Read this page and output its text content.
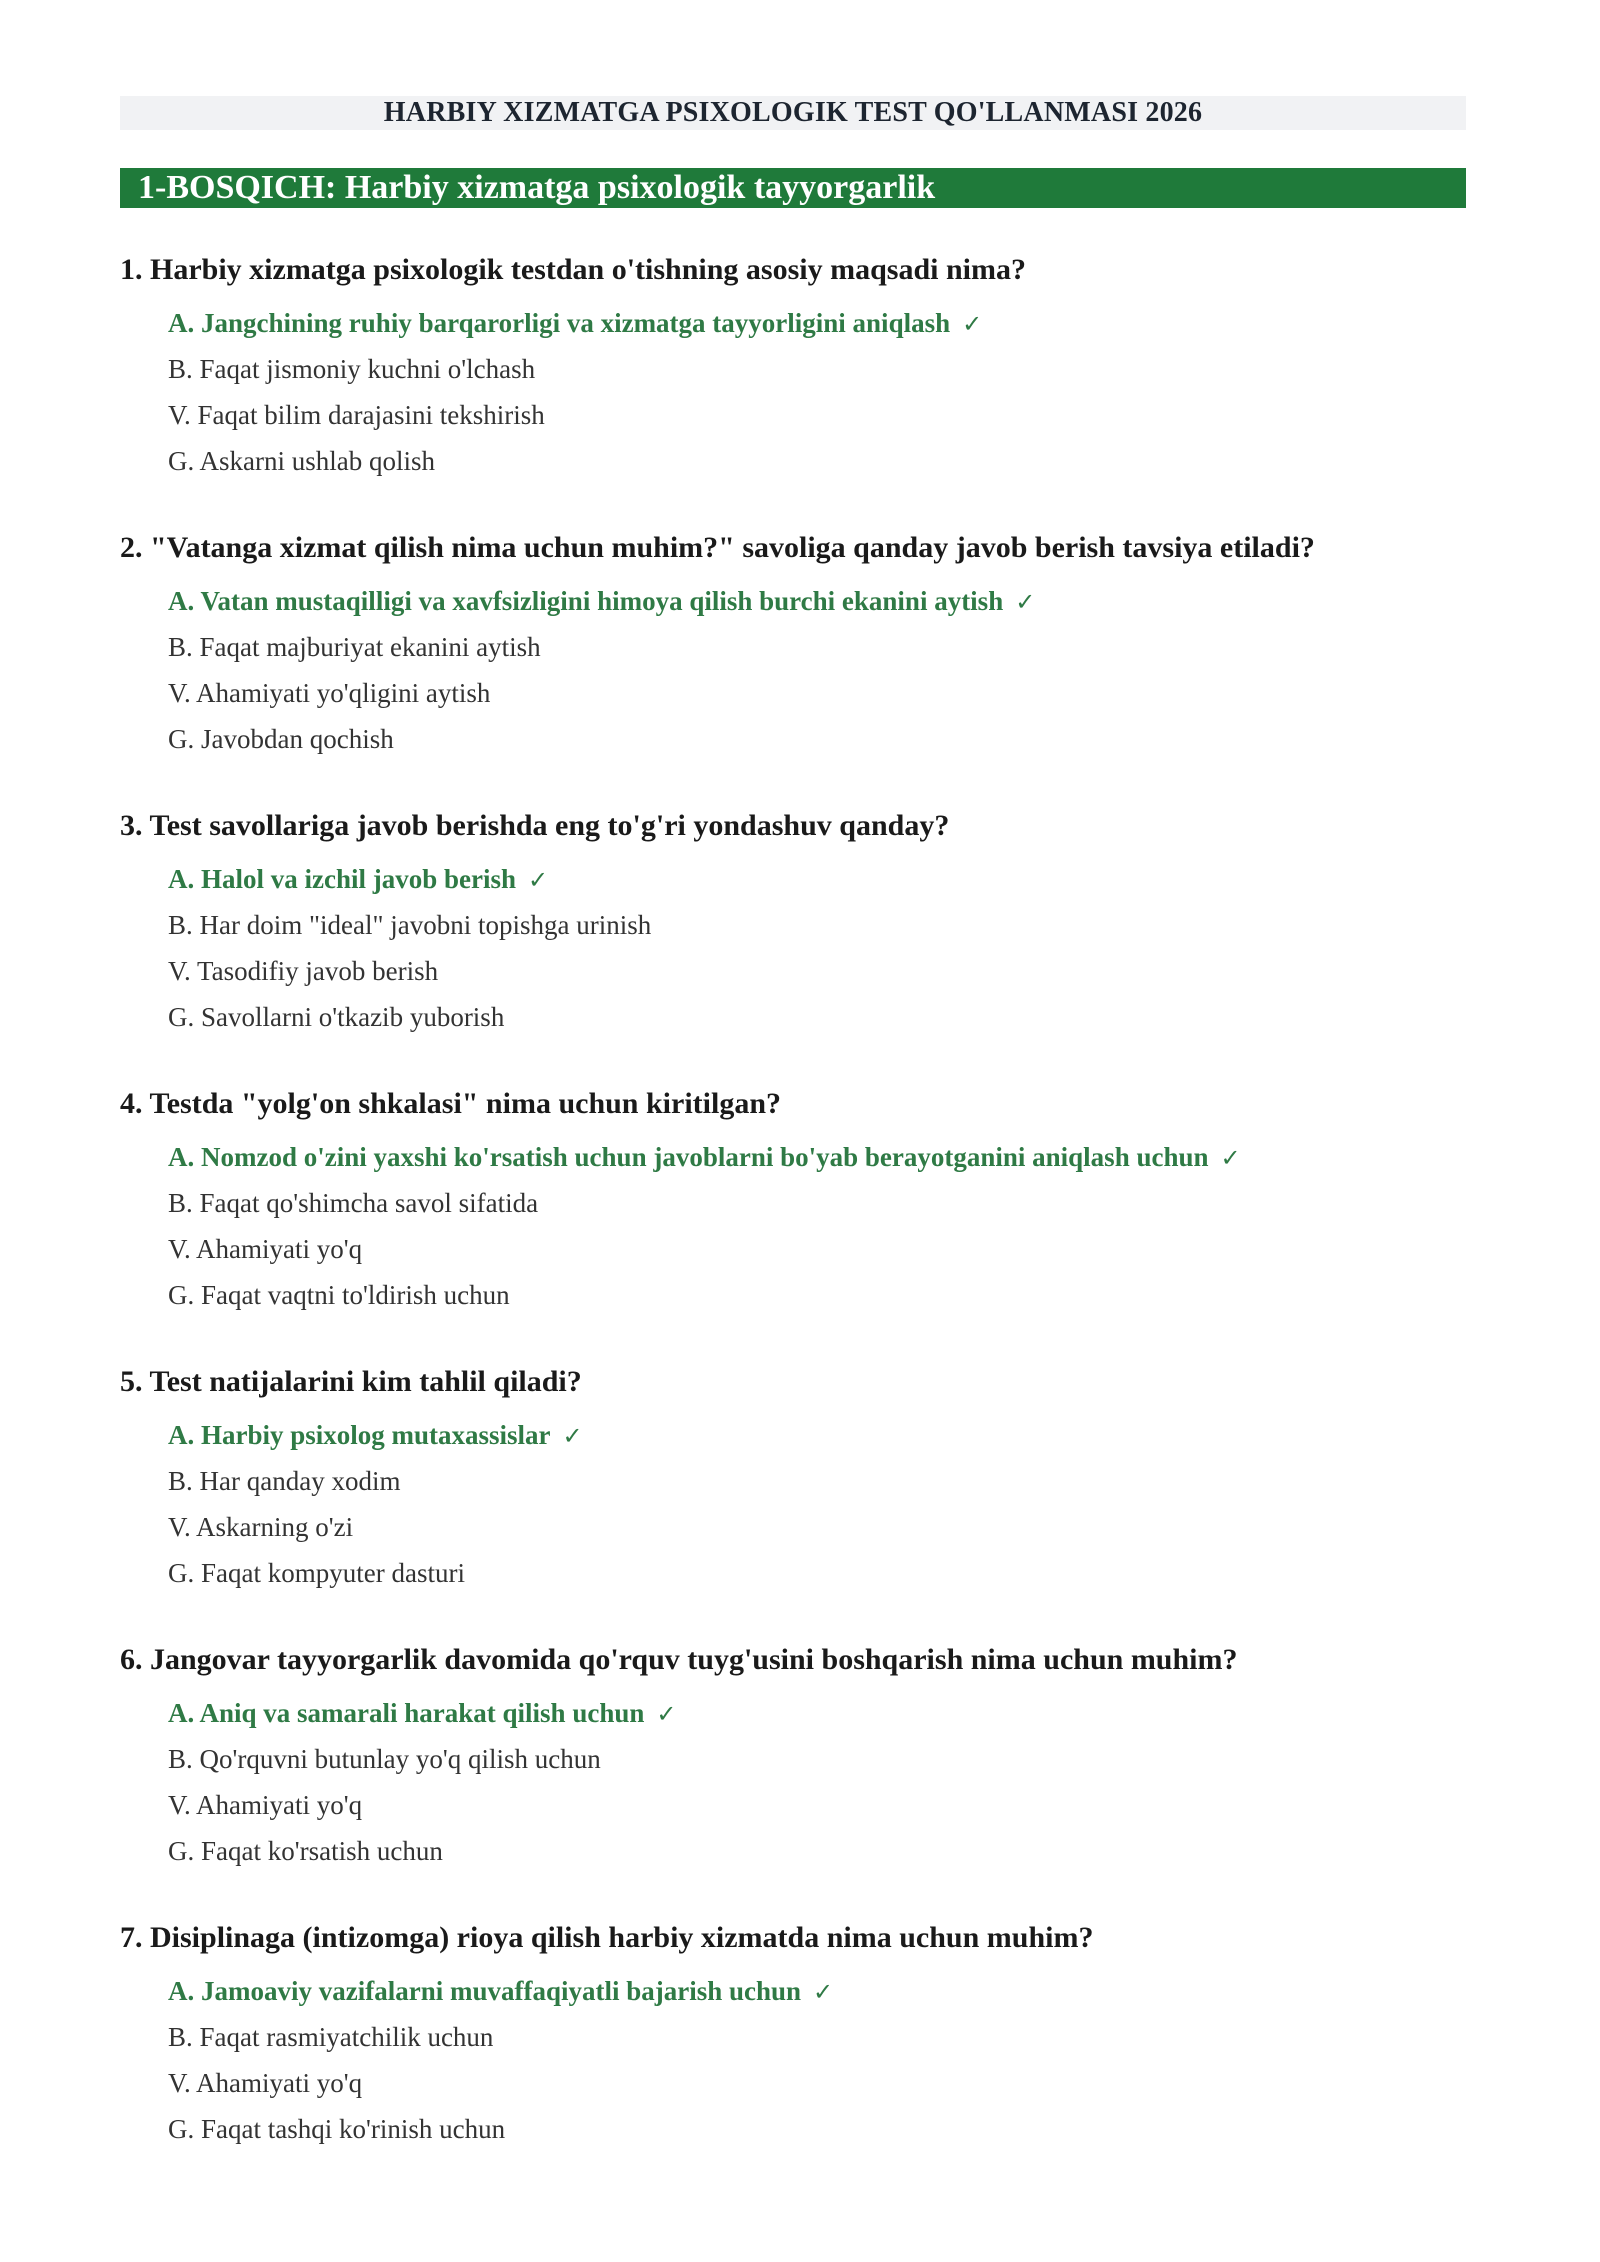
HARBIY XIZMATGA PSIXOLOGIK TEST QO'LLANMASI 2026
1-BOSQICH: Harbiy xizmatga psixologik tayyorgarlik
1. Harbiy xizmatga psixologik testdan o'tishning asosiy maqsadi nima?
A. Jangchining ruhiy barqarorligi va xizmatga tayyorligini aniqlash ✓
B. Faqat jismoniy kuchni o'lchash
V. Faqat bilim darajasini tekshirish
G. Askarni ushlab qolish
2. "Vatanga xizmat qilish nima uchun muhim?" savoliga qanday javob berish tavsiya etiladi?
A. Vatan mustaqilligi va xavfsizligini himoya qilish burchi ekanini aytish ✓
B. Faqat majburiyat ekanini aytish
V. Ahamiyati yo'qligini aytish
G. Javobdan qochish
3. Test savollariga javob berishda eng to'g'ri yondashuv qanday?
A. Halol va izchil javob berish ✓
B. Har doim "ideal" javobni topishga urinish
V. Tasodifiy javob berish
G. Savollarni o'tkazib yuborish
4. Testda "yolg'on shkalasi" nima uchun kiritilgan?
A. Nomzod o'zini yaxshi ko'rsatish uchun javoblarni bo'yab berayotganini aniqlash uchun ✓
B. Faqat qo'shimcha savol sifatida
V. Ahamiyati yo'q
G. Faqat vaqtni to'ldirish uchun
5. Test natijalarini kim tahlil qiladi?
A. Harbiy psixolog mutaxassislar ✓
B. Har qanday xodim
V. Askarning o'zi
G. Faqat kompyuter dasturi
6. Jangovar tayyorgarlik davomida qo'rquv tuyg'usini boshqarish nima uchun muhim?
A. Aniq va samarali harakat qilish uchun ✓
B. Qo'rquvni butunlay yo'q qilish uchun
V. Ahamiyati yo'q
G. Faqat ko'rsatish uchun
7. Disiplinaga (intizomga) rioya qilish harbiy xizmatda nima uchun muhim?
A. Jamoaviy vazifalarni muvaffaqiyatli bajarish uchun ✓
B. Faqat rasmiyatchilik uchun
V. Ahamiyati yo'q
G. Faqat tashqi ko'rinish uchun
